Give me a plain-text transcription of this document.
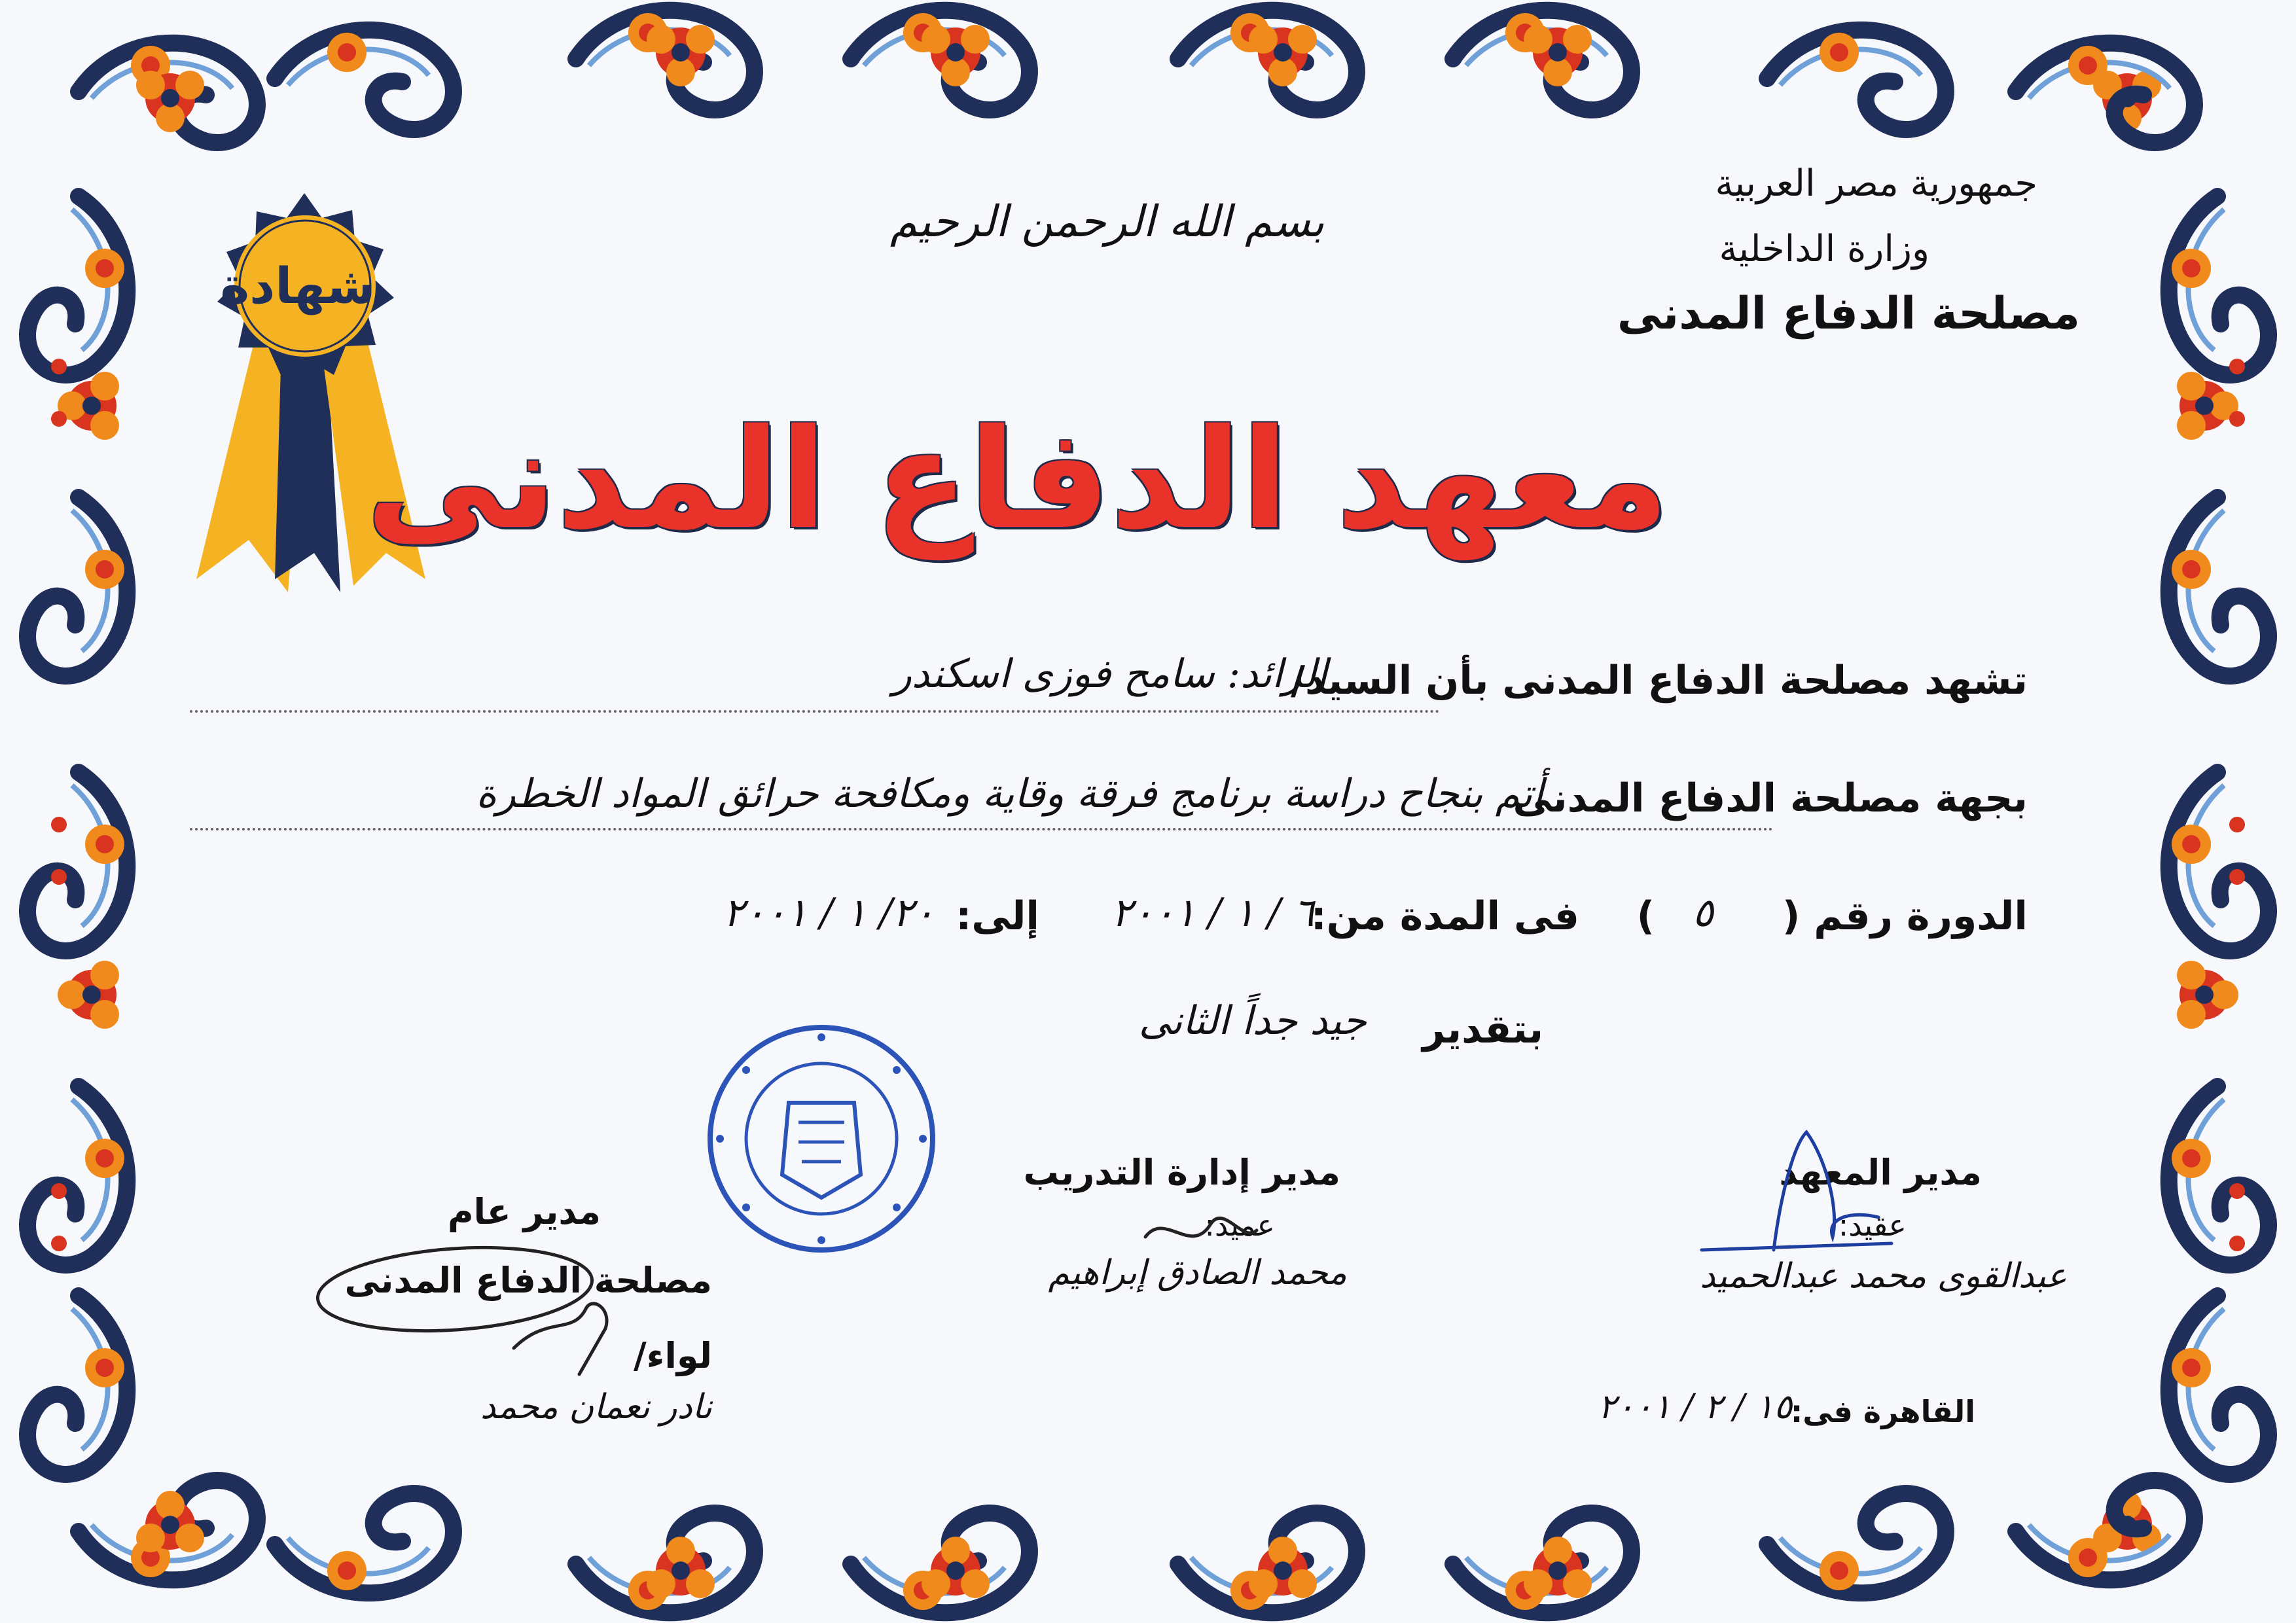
شهادة
جمهورية مصر العربية
وزارة الداخلية
مصلحة الدفاع المدنى
بسم الله الرحمن الرحيم
معهد الدفاع المدنى
تشهد مصلحة الدفاع المدنى بأن السيد/
الرائد: سامح فوزى اسكندر
بجهة مصلحة الدفاع المدنى
أتم بنجاح دراسة برنامج فرقة وقاية ومكافحة حرائق المواد الخطرة
الدورة رقم (
٥
)
فى المدة من:
٦ / ١ / ٢٠٠١
إلى:
٢٠/ ١ / ٢٠٠١
بتقدير
جيد جداً الثانى
مدير المعهد
عقيد:
عبدالقوى محمد عبدالحميد
مدير إدارة التدريب
عميد:
محمد الصادق إبراهيم
مدير عام
مصلحة الدفاع المدنى
لواء/
نادر نعمان محمد	القاهرة فى:
١٥ / ٢ / ٢٠٠١
